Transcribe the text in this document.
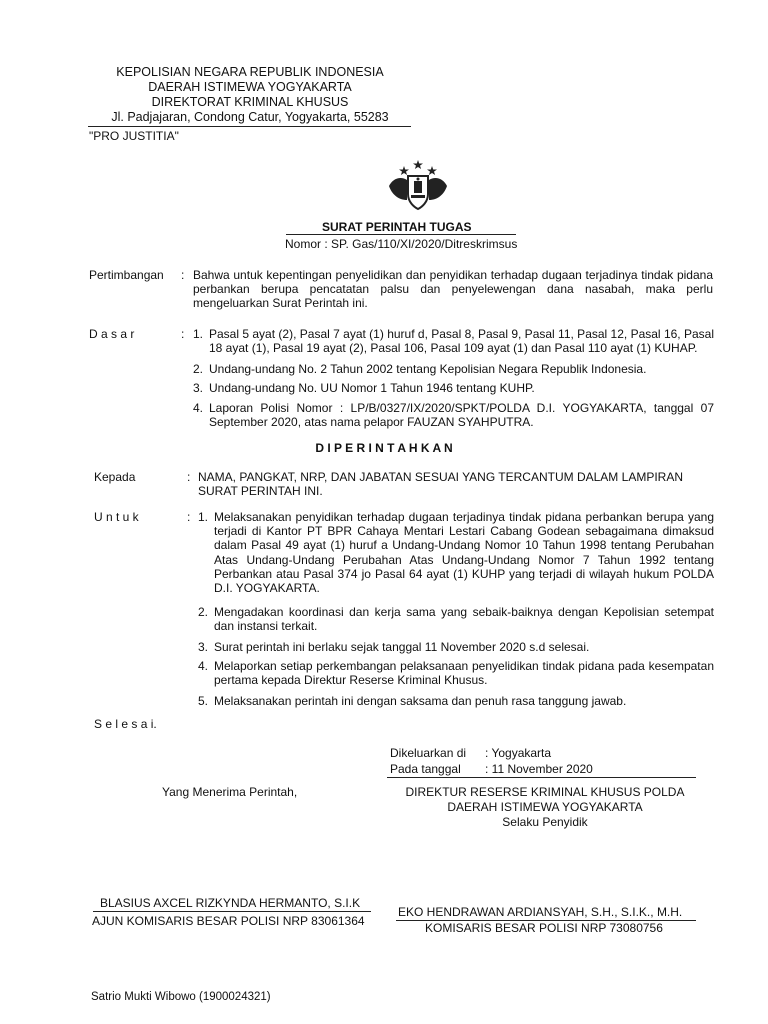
KEPOLISIAN NEGARA REPUBLIK INDONESIA
DAERAH ISTIMEWA YOGYAKARTA
DIREKTORAT KRIMINAL KHUSUS
Jl. Padjajaran, Condong Catur, Yogyakarta, 55283
"PRO JUSTITIA"
SURAT PERINTAH TUGAS
Nomor : SP. Gas/110/XI/2020/Ditreskrimsus
Pertimbangan : Bahwa untuk kepentingan penyelidikan dan penyidikan terhadap dugaan terjadinya tindak pidana perbankan berupa pencatatan palsu dan penyelewengan dana nasabah, maka perlu mengeluarkan Surat Perintah ini.
D a s a r	: 1. Pasal 5 ayat (2), Pasal 7 ayat (1) huruf d, Pasal 8, Pasal 9, Pasal 11, Pasal 12, Pasal 16, Pasal 18 ayat (1), Pasal 19 ayat (2), Pasal 106, Pasal 109 ayat (1) dan Pasal 110 ayat (1) KUHAP.
2. Undang-undang No. 2 Tahun 2002 tentang Kepolisian Negara Republik Indonesia.
3. Undang-undang No. UU Nomor 1 Tahun 1946 tentang KUHP.
4. Laporan Polisi Nomor : LP/B/0327/IX/2020/SPKT/POLDA D.I. YOGYAKARTA, tanggal 07 September 2020, atas nama pelapor FAUZAN SYAHPUTRA.
D I P E R I N T A H K A N
Kepada	: NAMA, PANGKAT, NRP, DAN JABATAN SESUAI YANG TERCANTUM DALAM LAMPIRAN SURAT PERINTAH INI.
U n t u k	: 1. Melaksanakan penyidikan terhadap dugaan terjadinya tindak pidana perbankan berupa yang terjadi di Kantor PT BPR Cahaya Mentari Lestari Cabang Godean sebagaimana dimaksud dalam Pasal 49 ayat (1) huruf a Undang-Undang Nomor 10 Tahun 1998 tentang Perubahan Atas Undang-Undang Perubahan Atas Undang-Undang Nomor 7 Tahun 1992 tentang Perbankan atau Pasal 374 jo Pasal 64 ayat (1) KUHP yang terjadi di wilayah hukum POLDA D.I. YOGYAKARTA.
2. Mengadakan koordinasi dan kerja sama yang sebaik-baiknya dengan Kepolisian setempat dan instansi terkait.
3. Surat perintah ini berlaku sejak tanggal 11 November 2020 s.d selesai.
4. Melaporkan setiap perkembangan pelaksanaan penyelidikan tindak pidana pada kesempatan pertama kepada Direktur Reserse Kriminal Khusus.
5. Melaksanakan perintah ini dengan saksama dan penuh rasa tanggung jawab.
S e l e s a i.
Dikeluarkan di : Yogyakarta
Pada tanggal : 11 November 2020
Yang Menerima Perintah,	DIREKTUR RESERSE KRIMINAL KHUSUS POLDA
DAERAH ISTIMEWA YOGYAKARTA
Selaku Penyidik
BLASIUS AXCEL RIZKYNDA HERMANTO, S.I.K
AJUN KOMISARIS BESAR POLISI NRP 83061364
EKO HENDRAWAN ARDIANSYAH, S.H., S.I.K., M.H.
KOMISARIS BESAR POLISI NRP 73080756
Satrio Mukti Wibowo (1900024321)
